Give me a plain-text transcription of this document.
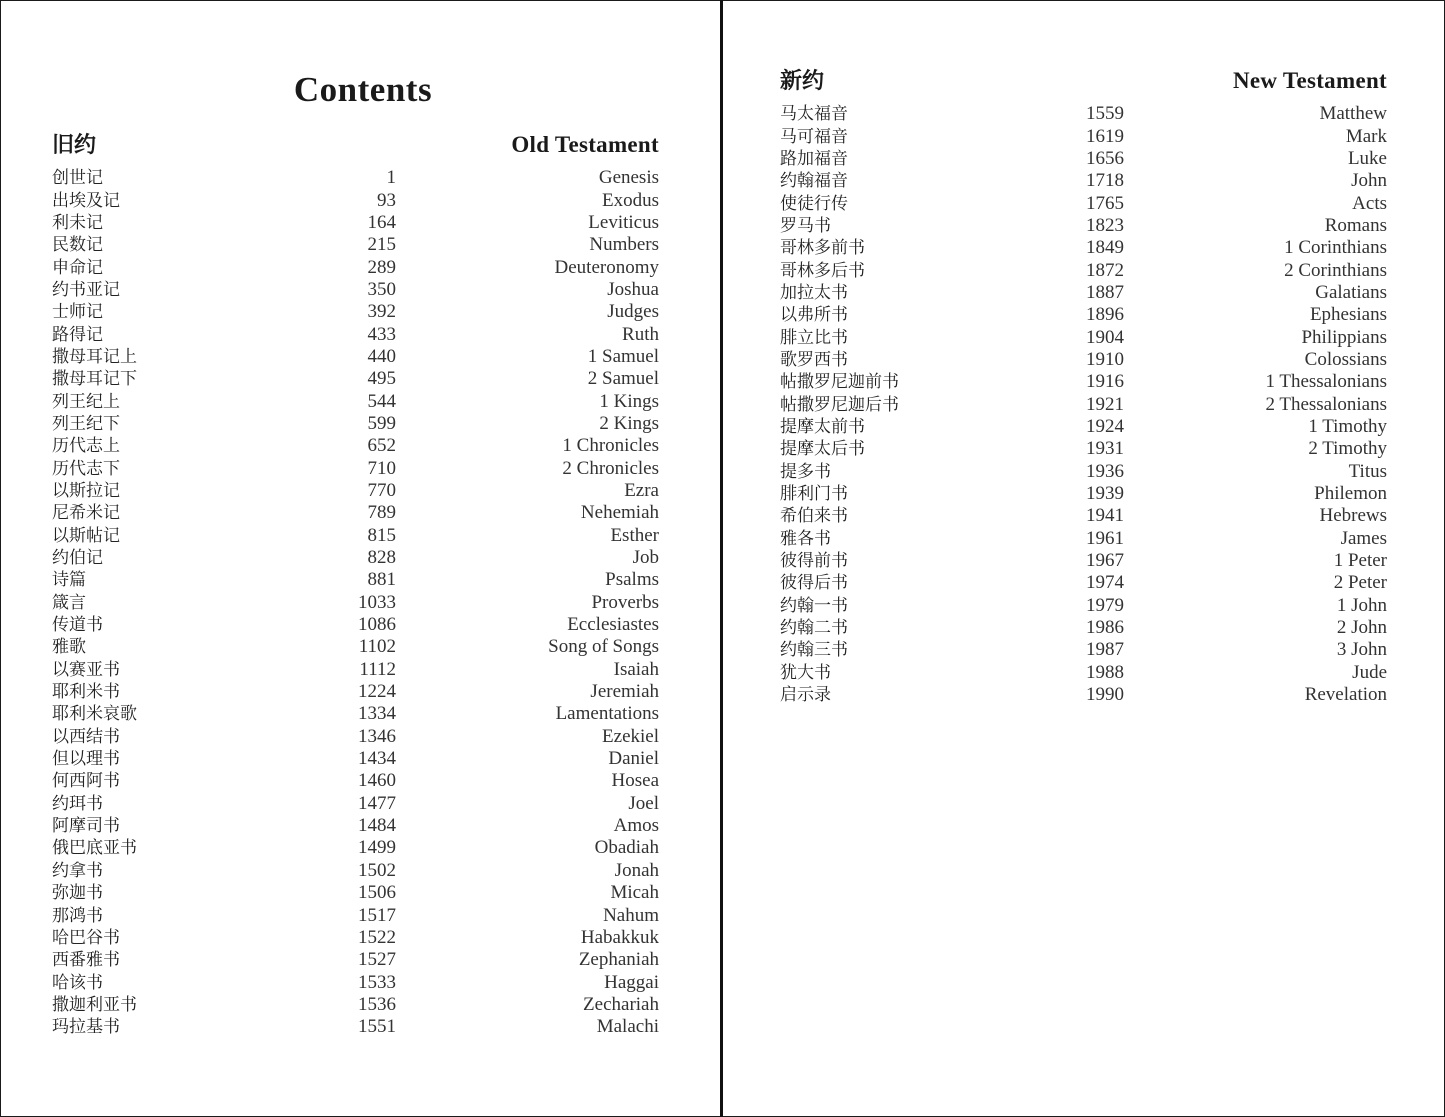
Contents
旧约	Old Testament
创世记	1	Genesis
出埃及记	93	Exodus
利未记	164	Leviticus
民数记	215	Numbers
申命记	289	Deuteronomy
约书亚记	350	Joshua
士师记	392	Judges
路得记	433	Ruth
撒母耳记上	440	1 Samuel
撒母耳记下	495	2 Samuel
列王纪上	544	1 Kings
列王纪下	599	2 Kings
历代志上	652	1 Chronicles
历代志下	710	2 Chronicles
以斯拉记	770	Ezra
尼希米记	789	Nehemiah
以斯帖记	815	Esther
约伯记	828	Job
诗篇	881	Psalms
箴言	1033	Proverbs
传道书	1086	Ecclesiastes
雅歌	1102	Song of Songs
以赛亚书	1112	Isaiah
耶利米书	1224	Jeremiah
耶利米哀歌	1334	Lamentations
以西结书	1346	Ezekiel
但以理书	1434	Daniel
何西阿书	1460	Hosea
约珥书	1477	Joel
阿摩司书	1484	Amos
俄巴底亚书	1499	Obadiah
约拿书	1502	Jonah
弥迦书	1506	Micah
那鸿书	1517	Nahum
哈巴谷书	1522	Habakkuk
西番雅书	1527	Zephaniah
哈该书	1533	Haggai
撒迦利亚书	1536	Zechariah
玛拉基书	1551	Malachi
新约	New Testament
马太福音	1559	Matthew
马可福音	1619	Mark
路加福音	1656	Luke
约翰福音	1718	John
使徒行传	1765	Acts
罗马书	1823	Romans
哥林多前书	1849	1 Corinthians
哥林多后书	1872	2 Corinthians
加拉太书	1887	Galatians
以弗所书	1896	Ephesians
腓立比书	1904	Philippians
歌罗西书	1910	Colossians
帖撒罗尼迦前书	1916	1 Thessalonians
帖撒罗尼迦后书	1921	2 Thessalonians
提摩太前书	1924	1 Timothy
提摩太后书	1931	2 Timothy
提多书	1936	Titus
腓利门书	1939	Philemon
希伯来书	1941	Hebrews
雅各书	1961	James
彼得前书	1967	1 Peter
彼得后书	1974	2 Peter
约翰一书	1979	1 John
约翰二书	1986	2 John
约翰三书	1987	3 John
犹大书	1988	Jude
启示录	1990	Revelation
